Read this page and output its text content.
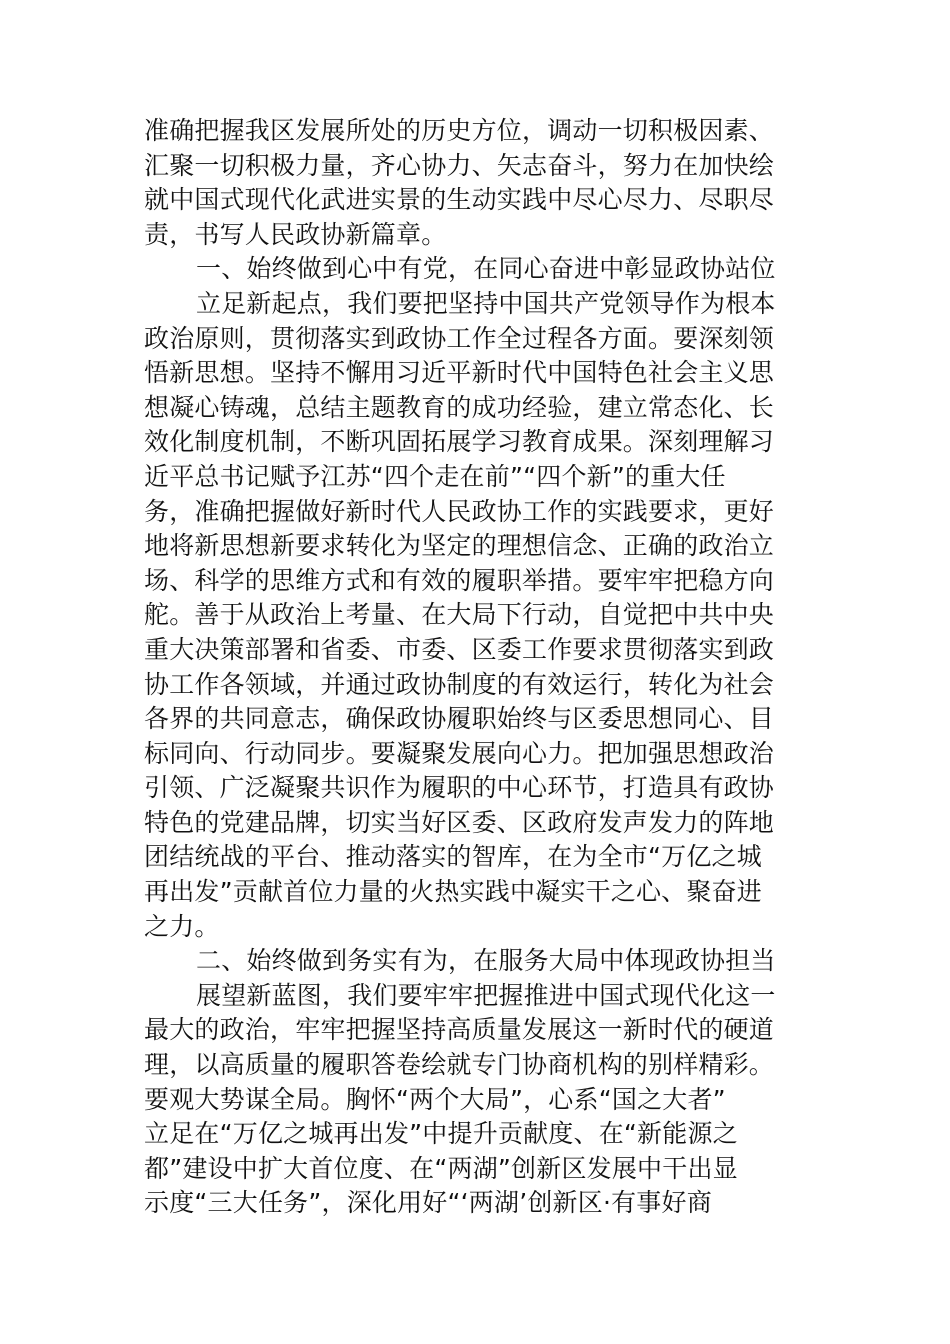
准确把握我区发展所处的历史方位，调动一切积极因素、
汇聚一切积极力量，齐心协力、矢志奋斗，努力在加快绘
就中国式现代化武进实景的生动实践中尽心尽力、尽职尽
责，书写人民政协新篇章。
一、始终做到心中有党，在同心奋进中彰显政协站位
立足新起点，我们要把坚持中国共产党领导作为根本
政治原则，贯彻落实到政协工作全过程各方面。要深刻领
悟新思想。坚持不懈用习近平新时代中国特色社会主义思
想凝心铸魂，总结主题教育的成功经验，建立常态化、长
效化制度机制，不断巩固拓展学习教育成果。深刻理解习
近平总书记赋予江苏“四个走在前”“四个新”的重大任
务，准确把握做好新时代人民政协工作的实践要求，更好
地将新思想新要求转化为坚定的理想信念、正确的政治立
场、科学的思维方式和有效的履职举措。要牢牢把稳方向
舵。善于从政治上考量、在大局下行动，自觉把中共中央
重大决策部署和省委、市委、区委工作要求贯彻落实到政
协工作各领域，并通过政协制度的有效运行，转化为社会
各界的共同意志，确保政协履职始终与区委思想同心、目
标同向、行动同步。要凝聚发展向心力。把加强思想政治
引领、广泛凝聚共识作为履职的中心环节，打造具有政协
特色的党建品牌，切实当好区委、区政府发声发力的阵地
团结统战的平台、推动落实的智库，在为全市“万亿之城
再出发”贡献首位力量的火热实践中凝实干之心、聚奋进
之力。
二、始终做到务实有为，在服务大局中体现政协担当
展望新蓝图，我们要牢牢把握推进中国式现代化这一
最大的政治，牢牢把握坚持高质量发展这一新时代的硬道
理，以高质量的履职答卷绘就专门协商机构的别样精彩。
要观大势谋全局。胸怀“两个大局”，心系“国之大者”
立足在“万亿之城再出发”中提升贡献度、在“新能源之
都”建设中扩大首位度、在“两湖”创新区发展中干出显
示度“三大任务”，深化用好“‘两湖’创新区·有事好商
